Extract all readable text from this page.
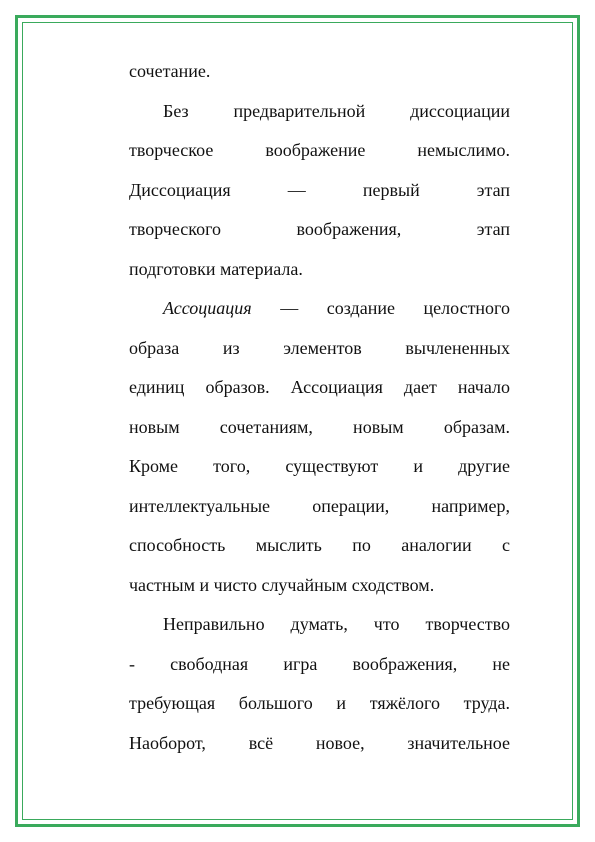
сочетание.
Без предварительной диссоциации
творческое воображение немыслимо.
Диссоциация — первый этап
творческого воображения, этап
подготовки материала.
Ассоциация — создание целостного
образа из элементов вычлененных
единиц образов. Ассоциация дает начало
новым сочетаниям, новым образам.
Кроме того, существуют и другие
интеллектуальные операции, например,
способность мыслить по аналогии с
частным и чисто случайным сходством.
Неправильно думать, что творчество
- свободная игра воображения, не
требующая большого и тяжёлого труда.
Наоборот, всё новое, значительное
